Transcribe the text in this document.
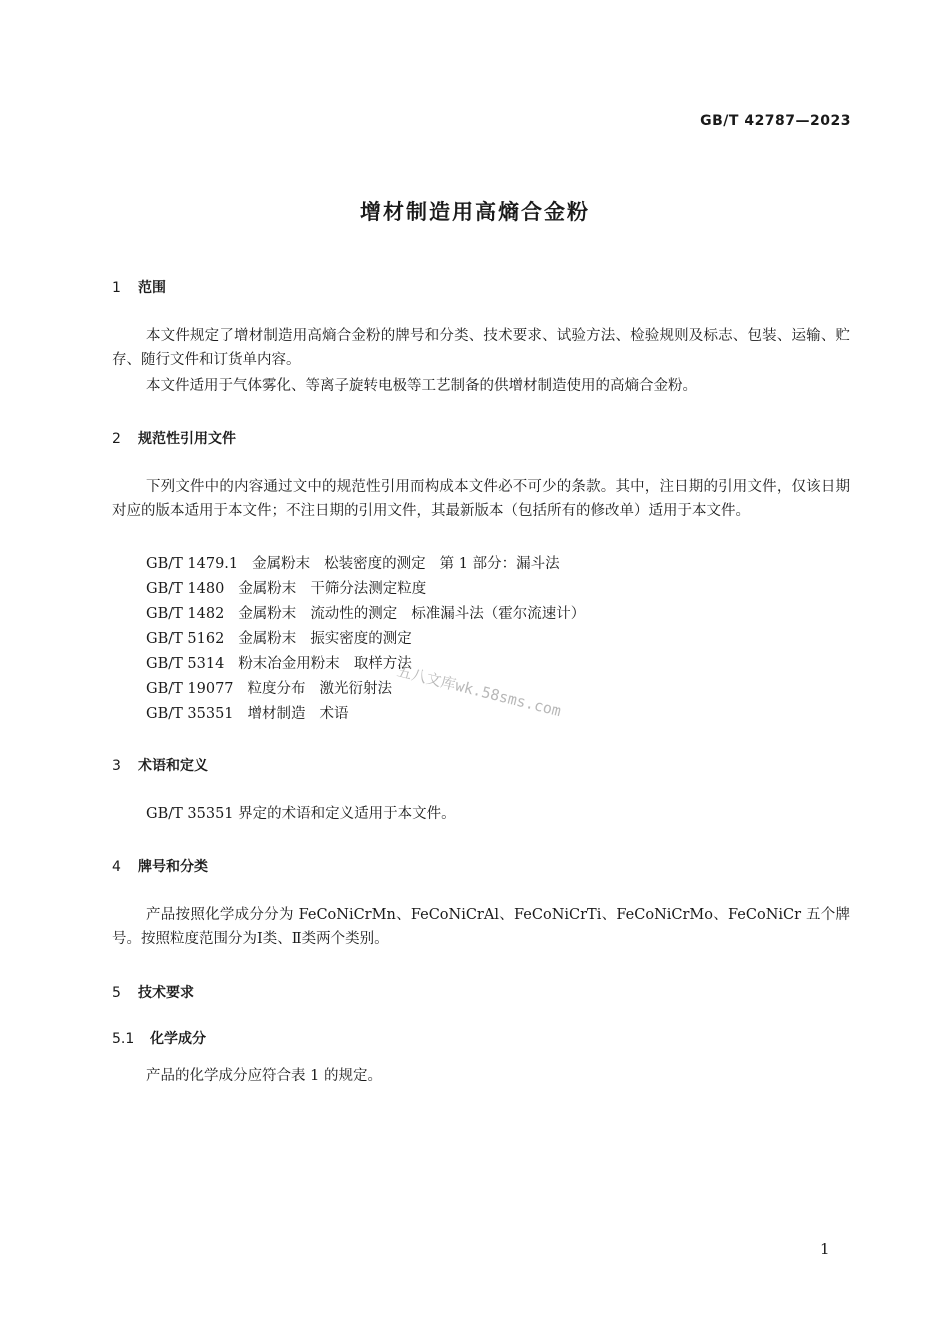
GB/T 42787—2023
增材制造用高熵合金粉
1 范围

本文件规定了增材制造用高熵合金粉的牌号和分类、技术要求、试验方法、检验规则及标志、包装、运输、贮存、随行文件和订货单内容。

本文件适用于气体雾化、等离子旋转电极等工艺制备的供增材制造使用的高熵合金粉。

2 规范性引用文件

下列文件中的内容通过文中的规范性引用而构成本文件必不可少的条款。其中，注日期的引用文件，仅该日期对应的版本适用于本文件；不注日期的引用文件，其最新版本（包括所有的修改单）适用于本文件。

GB/T 1479.1 金属粉末 松装密度的测定 第 1 部分：漏斗法
GB/T 1480 金属粉末 干筛分法测定粒度
GB/T 1482 金属粉末 流动性的测定 标准漏斗法（霍尔流速计）
GB/T 5162 金属粉末 振实密度的测定
GB/T 5314 粉末冶金用粉末 取样方法
GB/T 19077 粒度分布 激光衍射法
GB/T 35351 增材制造 术语	五八文库wk.58sms.com
3 术语和定义

GB/T 35351 界定的术语和定义适用于本文件。

4 牌号和分类

产品按照化学成分分为 FeCoNiCrMn、FeCoNiCrAl、FeCoNiCrTi、FeCoNiCrMo、FeCoNiCr 五个牌号。按照粒度范围分为Ⅰ类、Ⅱ类两个类别。

5 技术要求
5.1 化学成分

产品的化学成分应符合表 1 的规定。

1
